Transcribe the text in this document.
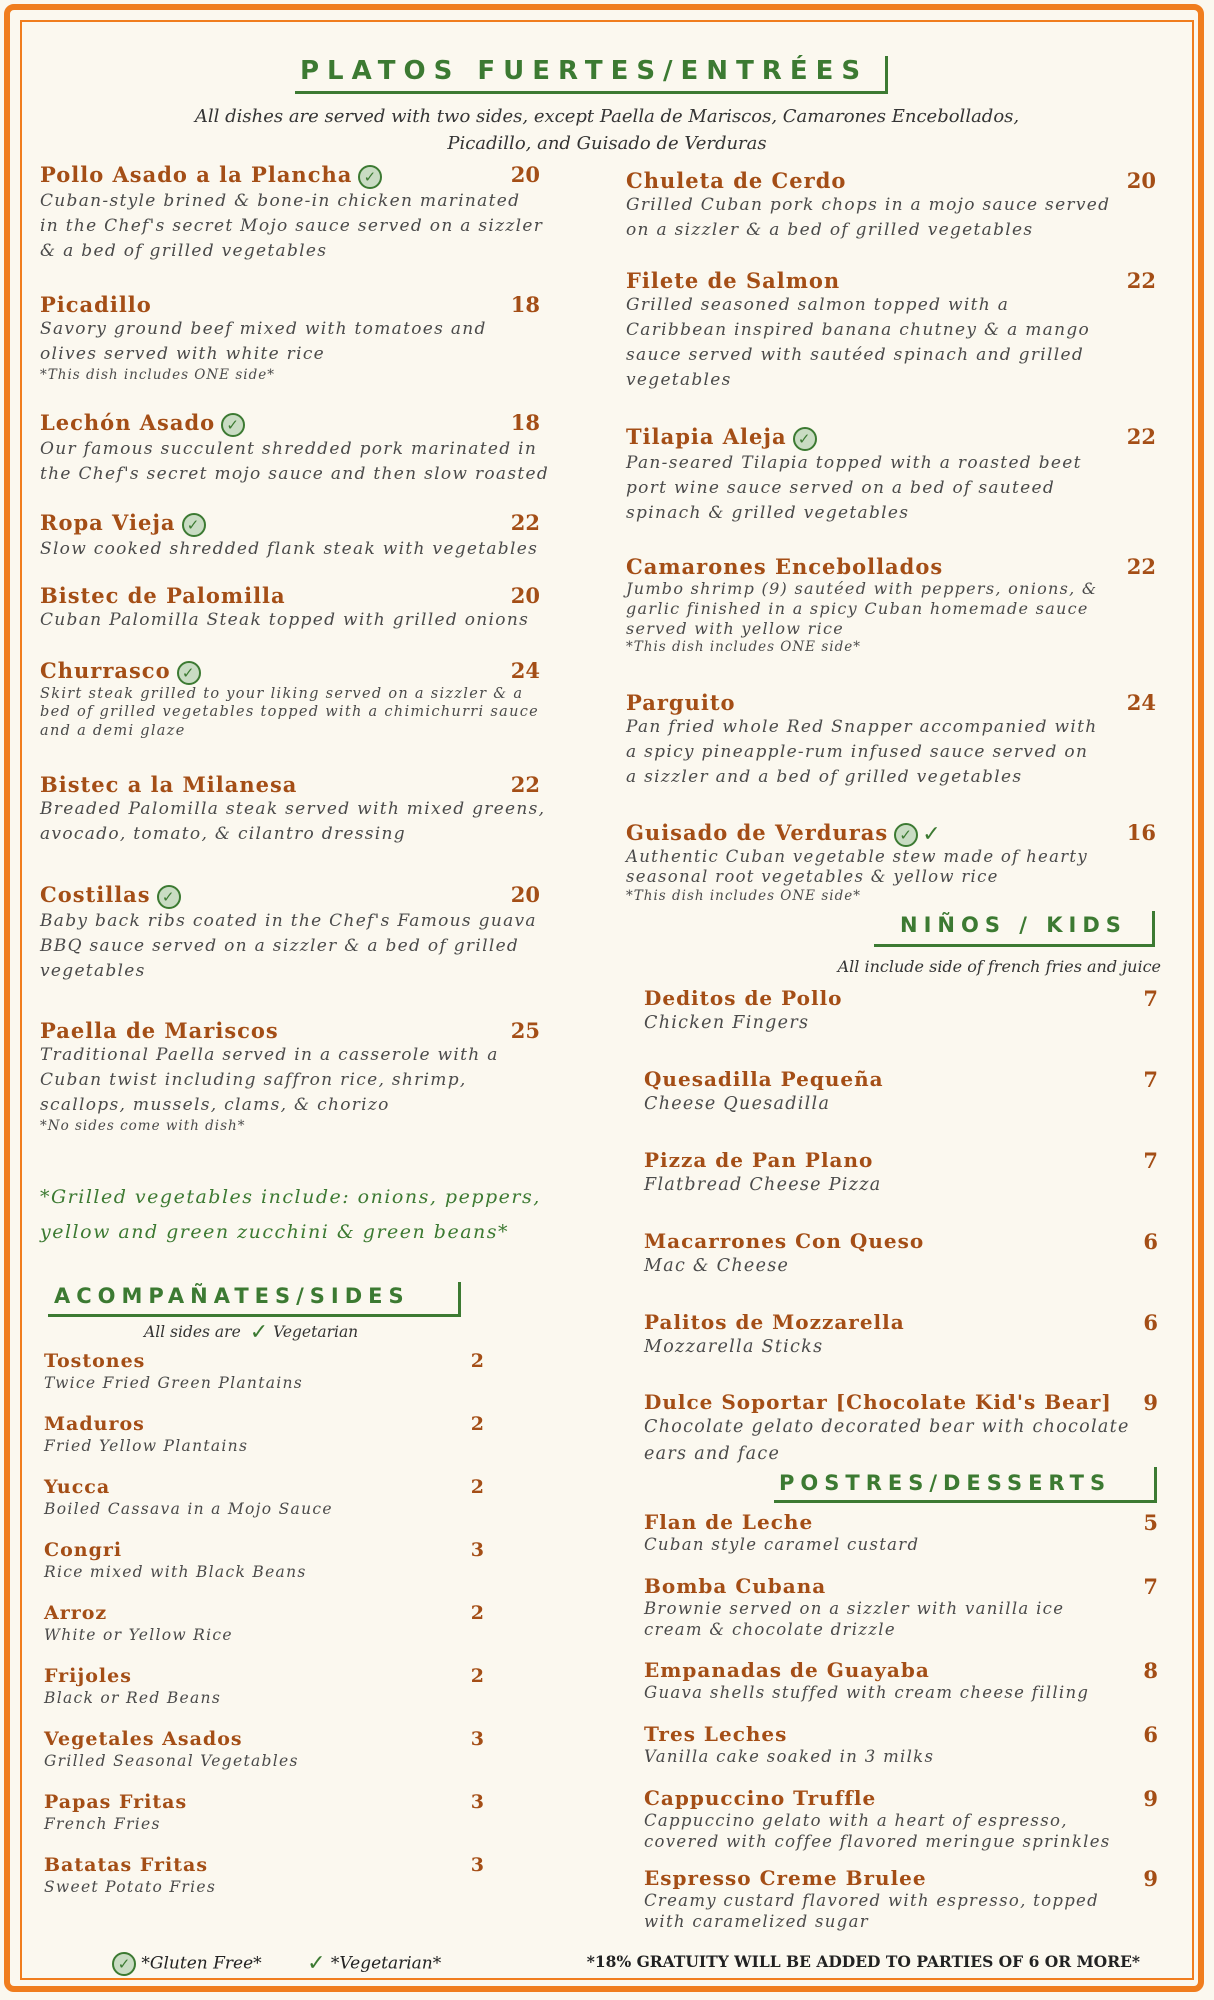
PLATOS FUERTES/ENTRÉES
All dishes are served with two sides, except Paella de Mariscos, Camarones Encebollados,
Picadillo, and Guisado de Verduras
Pollo Asado a la Plancha ✓	20
Cuban-style brined & bone-in chicken marinated
in the Chef's secret Mojo sauce served on a sizzler
& a bed of grilled vegetables
Picadillo	18
Savory ground beef mixed with tomatoes and
olives served with white rice
*This dish includes ONE side*
Lechón Asado ✓	18
Our famous succulent shredded pork marinated in
the Chef's secret mojo sauce and then slow roasted
Ropa Vieja ✓	22
Slow cooked shredded flank steak with vegetables
Bistec de Palomilla	20
Cuban Palomilla Steak topped with grilled onions
Churrasco ✓	24
Skirt steak grilled to your liking served on a sizzler & a
bed of grilled vegetables topped with a chimichurri sauce
and a demi glaze
Bistec a la Milanesa	22
Breaded Palomilla steak served with mixed greens,
avocado, tomato, & cilantro dressing
Costillas ✓	20
Baby back ribs coated in the Chef's Famous guava
BBQ sauce served on a sizzler & a bed of grilled
vegetables
Paella de Mariscos	25
Traditional Paella served in a casserole with a
Cuban twist including saffron rice, shrimp,
scallops, mussels, clams, & chorizo
*No sides come with dish*
Chuleta de Cerdo	20
Grilled Cuban pork chops in a mojo sauce served
on a sizzler & a bed of grilled vegetables
Filete de Salmon	22
Grilled seasoned salmon topped with a
Caribbean inspired banana chutney & a mango
sauce served with sautéed spinach and grilled
vegetables
Tilapia Aleja ✓	22
Pan-seared Tilapia topped with a roasted beet
port wine sauce served on a bed of sauteed
spinach & grilled vegetables
Camarones Encebollados	22
Jumbo shrimp (9) sautéed with peppers, onions, &
garlic finished in a spicy Cuban homemade sauce
served with yellow rice
*This dish includes ONE side*
Parguito	24
Pan fried whole Red Snapper accompanied with
a spicy pineapple-rum infused sauce served on
a sizzler and a bed of grilled vegetables
Guisado de Verduras ✓ ✓	16
Authentic Cuban vegetable stew made of hearty
seasonal root vegetables & yellow rice
*This dish includes ONE side*
*Grilled vegetables include: onions, peppers,
yellow and green zucchini & green beans*
ACOMPAÑATES/SIDES
All sides are ✓ Vegetarian
Tostones	2
Twice Fried Green Plantains
Maduros	2
Fried Yellow Plantains
Yucca	2
Boiled Cassava in a Mojo Sauce
Congri	3
Rice mixed with Black Beans
Arroz	2
White or Yellow Rice
Frijoles	2
Black or Red Beans
Vegetales Asados	3
Grilled Seasonal Vegetables
Papas Fritas	3
French Fries
Batatas Fritas	3
Sweet Potato Fries
NIÑOS / KIDS
All include side of french fries and juice
Deditos de Pollo	7
Chicken Fingers
Quesadilla Pequeña	7
Cheese Quesadilla
Pizza de Pan Plano	7
Flatbread Cheese Pizza
Macarrones Con Queso	6
Mac & Cheese
Palitos de Mozzarella	6
Mozzarella Sticks
Dulce Soportar [Chocolate Kid's Bear]	9
Chocolate gelato decorated bear with chocolate
ears and face
POSTRES/DESSERTS
Flan de Leche	5
Cuban style caramel custard
Bomba Cubana	7
Brownie served on a sizzler with vanilla ice
cream & chocolate drizzle
Empanadas de Guayaba	8
Guava shells stuffed with cream cheese filling
Tres Leches	6
Vanilla cake soaked in 3 milks
Cappuccino Truffle	9
Cappuccino gelato with a heart of espresso,
covered with coffee flavored meringue sprinkles
Espresso Creme Brulee	9
Creamy custard flavored with espresso, topped
with caramelized sugar
✓ *Gluten Free* ✓ *Vegetarian*	*18% GRATUITY WILL BE ADDED TO PARTIES OF 6 OR MORE*
